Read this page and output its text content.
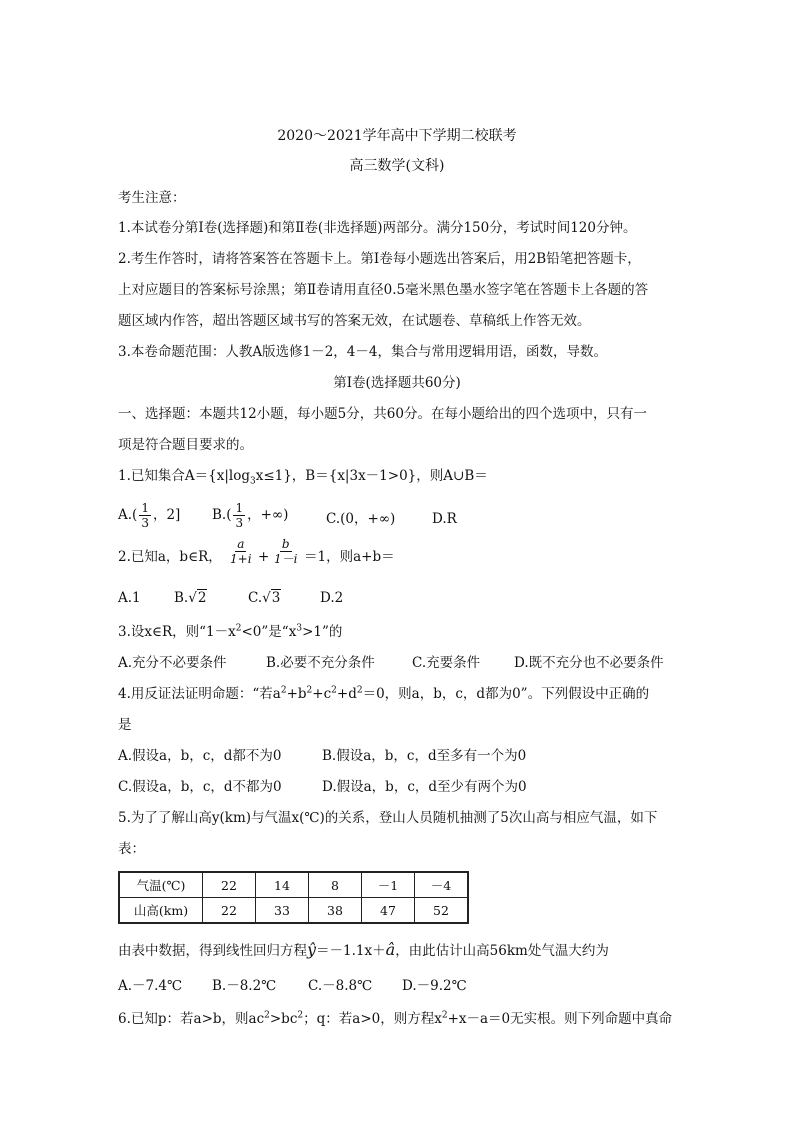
2020～2021学年高中下学期二校联考
高三数学(文科)
考生注意：
1.本试卷分第Ⅰ卷(选择题)和第Ⅱ卷(非选择题)两部分。满分150分，考试时间120分钟。
2.考生作答时，请将答案答在答题卡上。第Ⅰ卷每小题选出答案后，用2B铅笔把答题卡，
上对应题目的答案标号涂黑；第Ⅱ卷请用直径0.5毫米黑色墨水签字笔在答题卡上各题的答
题区域内作答，超出答题区域书写的答案无效，在试题卷、草稿纸上作答无效。
3.本卷命题范围：人教A版选修1－2，4－4，集合与常用逻辑用语，函数，导数。
第Ⅰ卷(选择题共60分)
一、选择题：本题共12小题，每小题5分，共60分。在每小题给出的四个选项中，只有一
项是符合题目要求的。
1.已知集合$A=\{x|\log_3x\le 1\}$，B＝{x|3x－1>0}，则A∪B＝
$A.( \frac{1}{3}$ ，2] $B.( \frac{1}{3}$ ，+∞)	C.(0，+∞)	D.R
2.已知a，b∈R， $\frac{a}{1+i} + \frac{b}{1-i} =1$，则a+b＝
A.1 B.√2	C.√3	D.2
3.设x∈R，则“$1-x^2<0$”是“$x^3>1$”的
A.充分不必要条件	B.必要不充分条件	C.充要条件	D.既不充分也不必要条件
4.用反证法证明命题：“若$a^2+b^2+c^2+d^2=0$，则a，b，c，d都为0”。下列假设中正确的
是
A.假设a，b，c，d都不为0	B.假设a，b，c，d至多有一个为0
C.假设a，b，c，d不都为0	D.假设a，b，c，d至少有两个为0
5.为了了解山高y(km)与气温x(℃)的关系，登山人员随机抽测了5次山高与相应气温，如下
表：
气温(℃)	22	14	8	－1	－4
山高(km)	22	33	38	47	52
由表中数据，得到线性回归方程ŷ＝－1.1x＋â，由此估计山高56km处气温大约为
A.－7.4℃ B.－8.2℃ C.－8.8℃ D.－9.2℃
6.已知p：若a>b，则$ac^2>bc^2$；q：若a>0，则方程$x^2+x-a=0$无实根。则下列命题中真命
